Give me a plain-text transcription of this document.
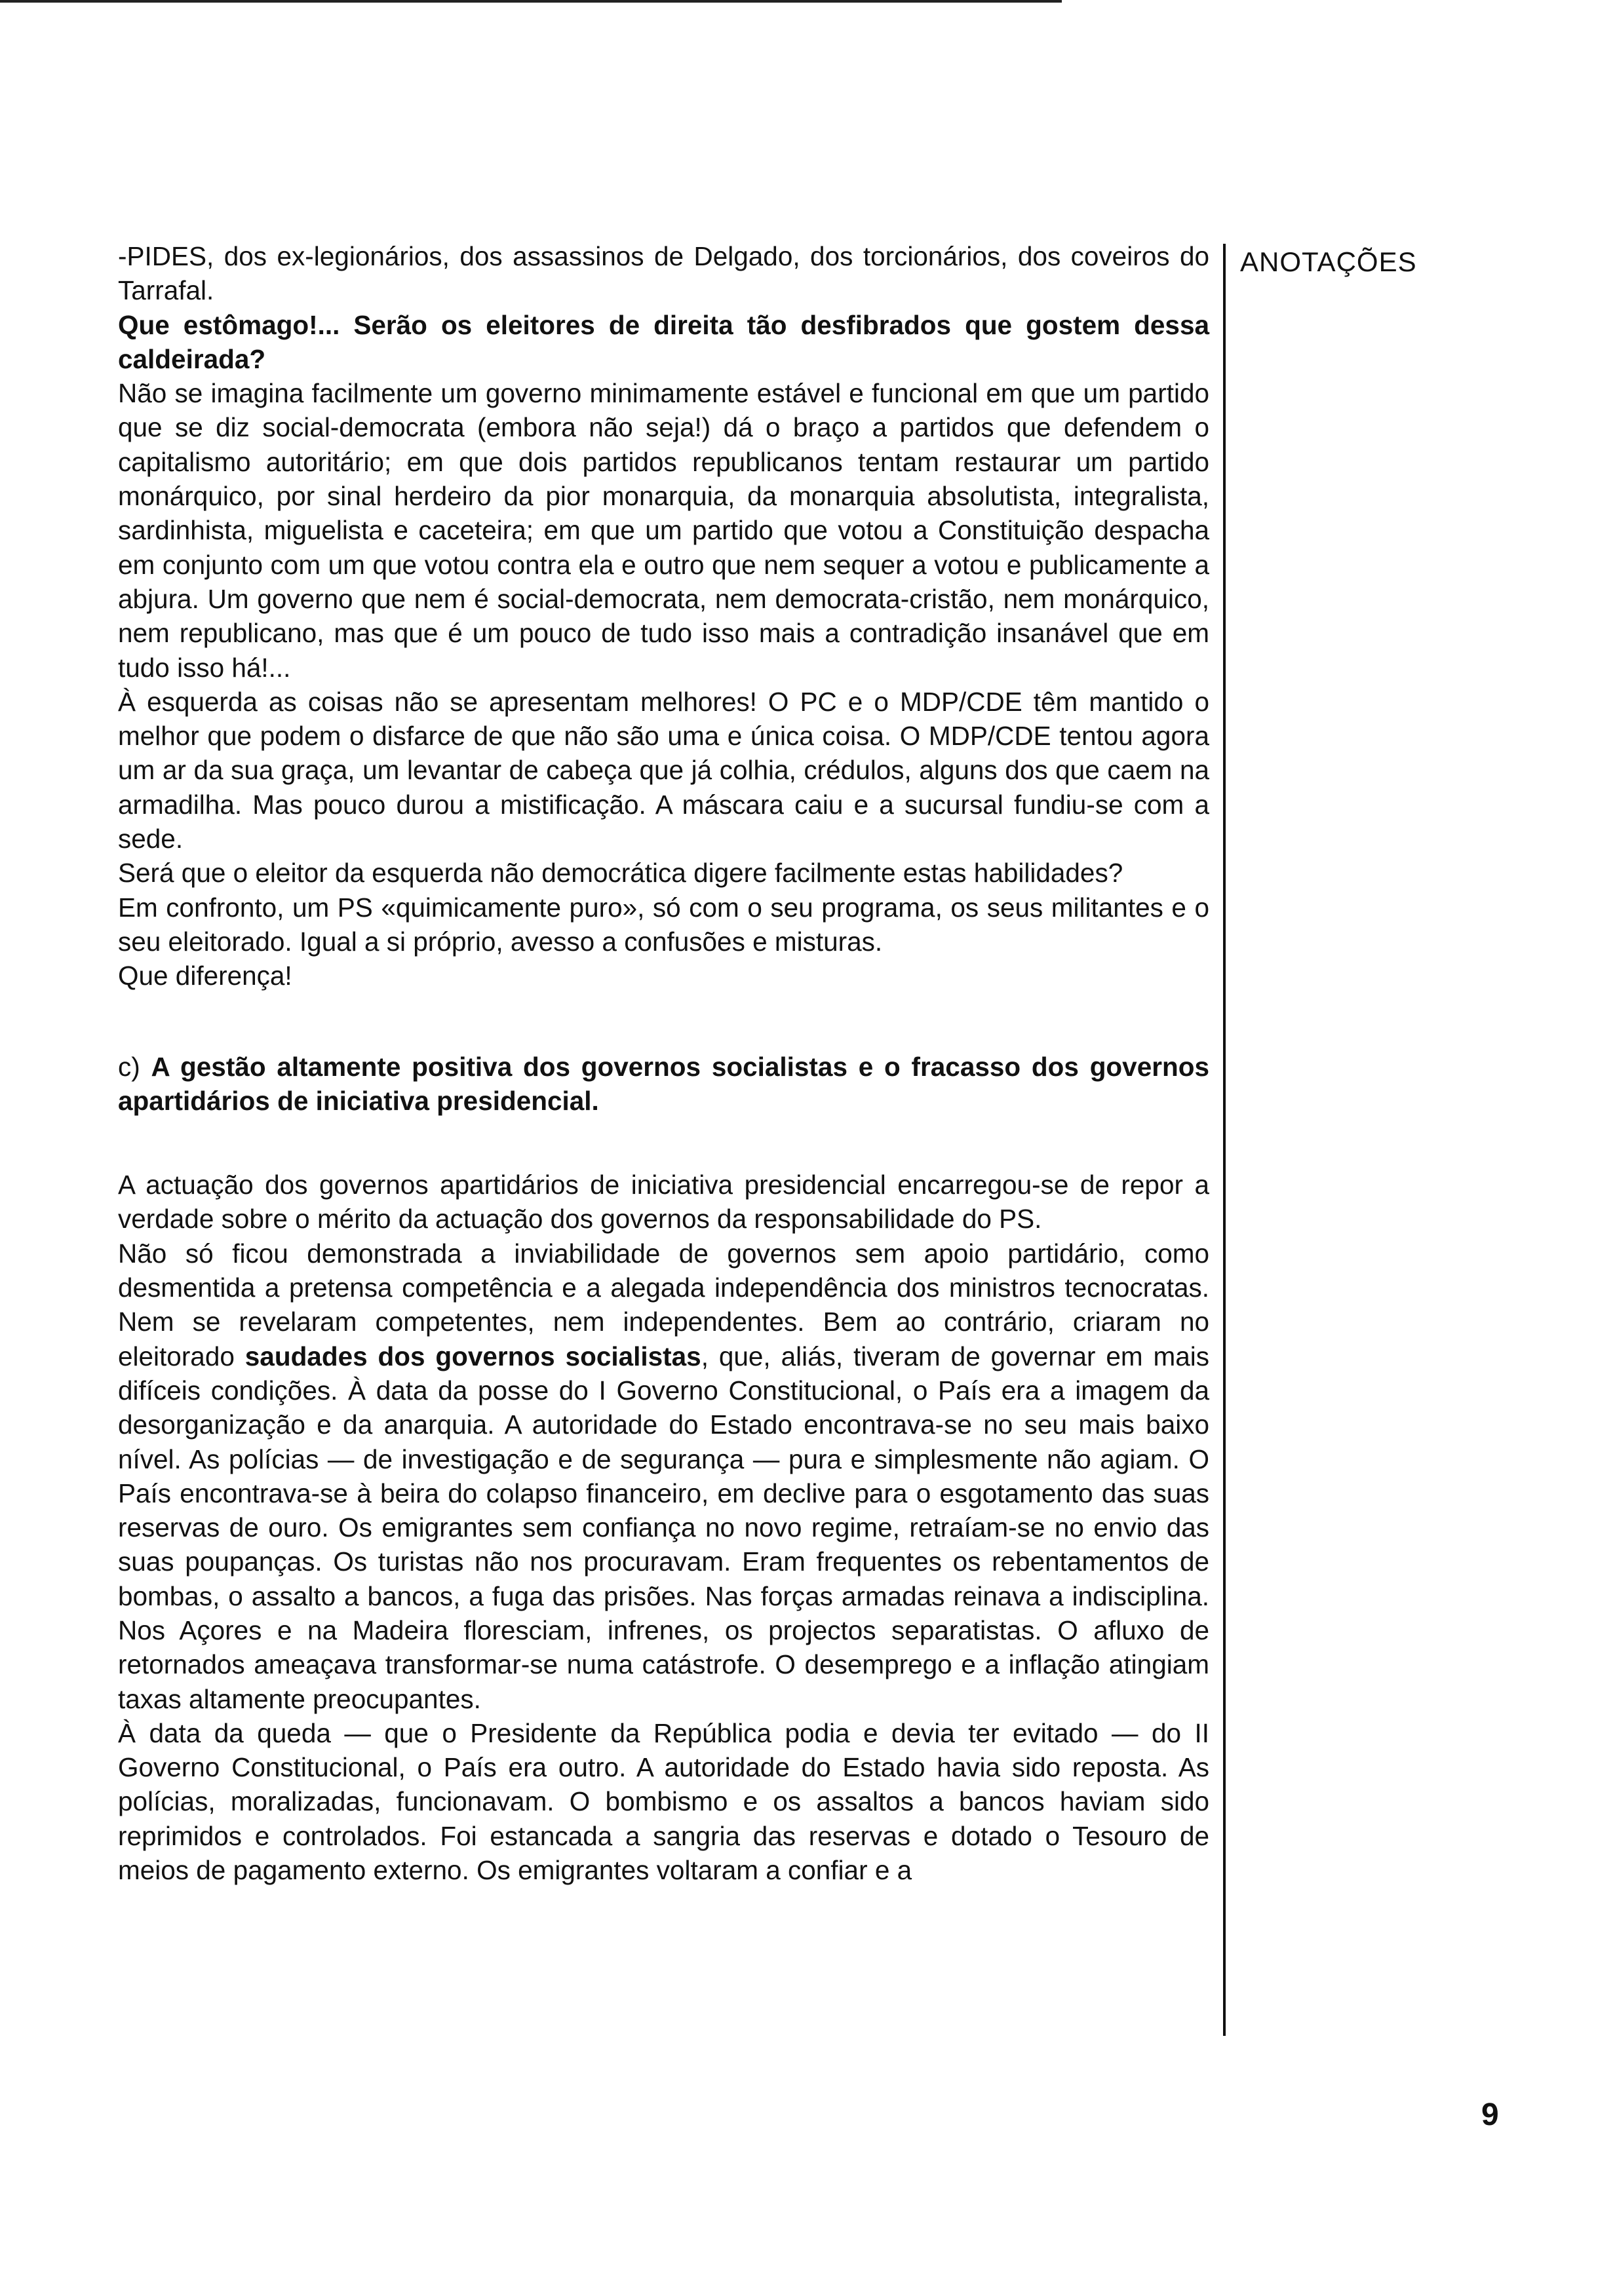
-PIDES, dos ex-legionários, dos assassinos de Delgado, dos torcionários, dos coveiros do Tarrafal.

Que estômago!... Serão os eleitores de direita tão desfibrados que gostem dessa caldeirada?

Não se imagina facilmente um governo minimamente estável e funcional em que um partido que se diz social-democrata (embora não seja!) dá o braço a partidos que defendem o capitalismo autoritário; em que dois partidos republicanos tentam restaurar um partido monárquico, por sinal herdeiro da pior monarquia, da monarquia absolutista, integralista, sardinhista, miguelista e caceteira; em que um partido que votou a Constituição despacha em conjunto com um que votou contra ela e outro que nem sequer a votou e publicamente a abjura. Um governo que nem é social-democrata, nem democrata-cristão, nem monárquico, nem republicano, mas que é um pouco de tudo isso mais a contradição insanável que em tudo isso há!...

À esquerda as coisas não se apresentam melhores! O PC e o MDP/CDE têm mantido o melhor que podem o disfarce de que não são uma e única coisa. O MDP/CDE tentou agora um ar da sua graça, um levantar de cabeça que já colhia, crédulos, alguns dos que caem na armadilha. Mas pouco durou a mistificação. A máscara caiu e a sucursal fundiu-se com a sede.

Será que o eleitor da esquerda não democrática digere facilmente estas habilidades?

Em confronto, um PS «quimicamente puro», só com o seu programa, os seus militantes e o seu eleitorado. Igual a si próprio, avesso a confusões e misturas.

Que diferença!

c) A gestão altamente positiva dos governos socialistas e o fracasso dos governos apartidários de iniciativa presidencial.

A actuação dos governos apartidários de iniciativa presidencial encarregou-se de repor a verdade sobre o mérito da actuação dos governos da responsabilidade do PS.

Não só ficou demonstrada a inviabilidade de governos sem apoio partidário, como desmentida a pretensa competência e a alegada independência dos ministros tecnocratas. Nem se revelaram competentes, nem independentes. Bem ao contrário, criaram no eleitorado saudades dos governos socialistas, que, aliás, tiveram de governar em mais difíceis condições. À data da posse do I Governo Constitucional, o País era a imagem da desorganização e da anarquia. A autoridade do Estado encontrava-se no seu mais baixo nível. As polícias — de investigação e de segurança — pura e simplesmente não agiam. O País encontrava-se à beira do colapso financeiro, em declive para o esgotamento das suas reservas de ouro. Os emigrantes sem confiança no novo regime, retraíam-se no envio das suas poupanças. Os turistas não nos procuravam. Eram frequentes os rebentamentos de bombas, o assalto a bancos, a fuga das prisões. Nas forças armadas reinava a indisciplina. Nos Açores e na Madeira floresciam, infrenes, os projectos separatistas. O afluxo de retornados ameaçava transformar-se numa catástrofe. O desemprego e a inflação atingiam taxas altamente preocupantes.

À data da queda — que o Presidente da República podia e devia ter evitado — do II Governo Constitucional, o País era outro. A autoridade do Estado havia sido reposta. As polícias, moralizadas, funcionavam. O bombismo e os assaltos a bancos haviam sido reprimidos e controlados. Foi estancada a sangria das reservas e dotado o Tesouro de meios de pagamento externo. Os emigrantes voltaram a confiar e a

ANOTAÇÕES
9
